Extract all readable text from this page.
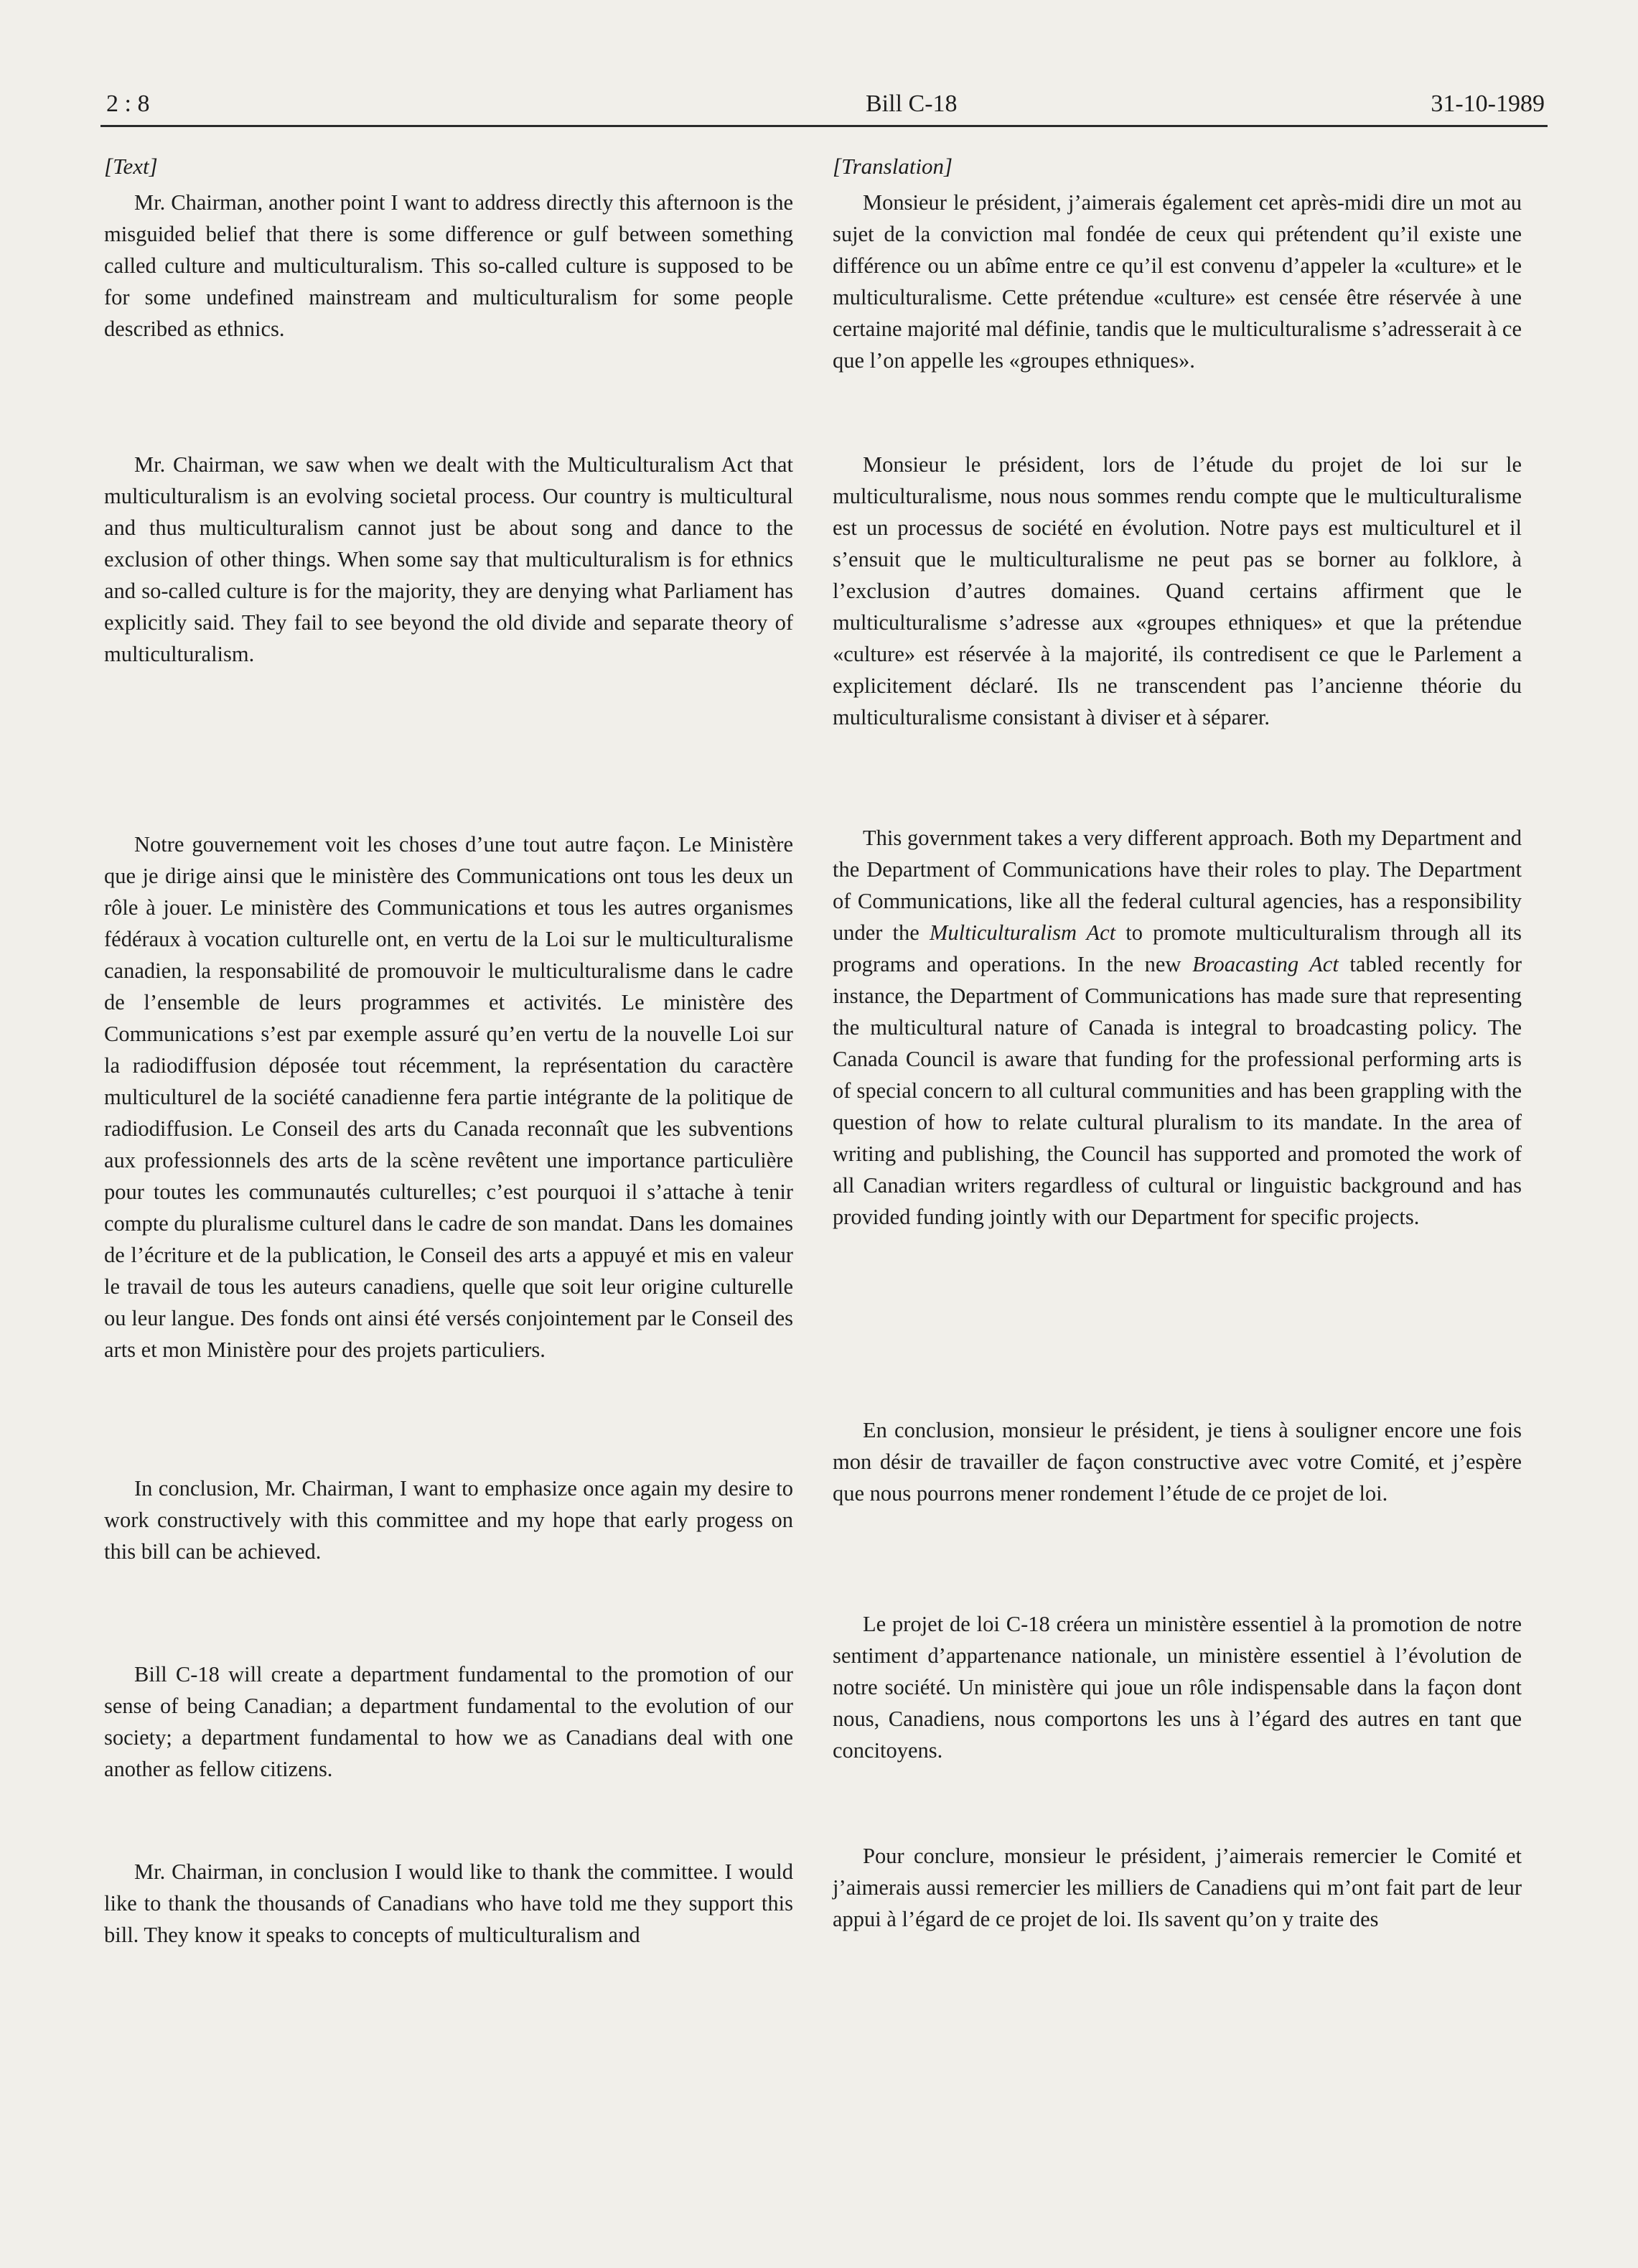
2 : 8	Bill C-18	31-10-1989
[Text]

Mr. Chairman, another point I want to address directly this afternoon is the misguided belief that there is some difference or gulf between something called culture and multiculturalism. This so-called culture is supposed to be for some undefined mainstream and multiculturalism for some people described as ethnics.

Mr. Chairman, we saw when we dealt with the Multiculturalism Act that multiculturalism is an evolving societal process. Our country is multicultural and thus multiculturalism cannot just be about song and dance to the exclusion of other things. When some say that multiculturalism is for ethnics and so-called culture is for the majority, they are denying what Parliament has explicitly said. They fail to see beyond the old divide and separate theory of multiculturalism.

Notre gouvernement voit les choses d’une tout autre façon. Le Ministère que je dirige ainsi que le ministère des Communications ont tous les deux un rôle à jouer. Le ministère des Communications et tous les autres organismes fédéraux à vocation culturelle ont, en vertu de la Loi sur le multiculturalisme canadien, la responsabilité de promouvoir le multiculturalisme dans le cadre de l’ensemble de leurs programmes et activités. Le ministère des Communications s’est par exemple assuré qu’en vertu de la nouvelle Loi sur la radiodiffusion déposée tout récemment, la représentation du caractère multiculturel de la société canadienne fera partie intégrante de la politique de radiodiffusion. Le Conseil des arts du Canada reconnaît que les subventions aux professionnels des arts de la scène revêtent une importance particulière pour toutes les communautés culturelles; c’est pourquoi il s’attache à tenir compte du pluralisme culturel dans le cadre de son mandat. Dans les domaines de l’écriture et de la publication, le Conseil des arts a appuyé et mis en valeur le travail de tous les auteurs canadiens, quelle que soit leur origine culturelle ou leur langue. Des fonds ont ainsi été versés conjointement par le Conseil des arts et mon Ministère pour des projets particuliers.

In conclusion, Mr. Chairman, I want to emphasize once again my desire to work constructively with this committee and my hope that early progess on this bill can be achieved.

Bill C-18 will create a department fundamental to the promotion of our sense of being Canadian; a department fundamental to the evolution of our society; a department fundamental to how we as Canadians deal with one another as fellow citizens.

Mr. Chairman, in conclusion I would like to thank the committee. I would like to thank the thousands of Canadians who have told me they support this bill. They know it speaks to concepts of multiculturalism and

[Translation]

Monsieur le président, j’aimerais également cet après-midi dire un mot au sujet de la conviction mal fondée de ceux qui prétendent qu’il existe une différence ou un abîme entre ce qu’il est convenu d’appeler la «culture» et le multiculturalisme. Cette prétendue «culture» est censée être réservée à une certaine majorité mal définie, tandis que le multiculturalisme s’adresserait à ce que l’on appelle les «groupes ethniques».

Monsieur le président, lors de l’étude du projet de loi sur le multiculturalisme, nous nous sommes rendu compte que le multiculturalisme est un processus de société en évolution. Notre pays est multiculturel et il s’ensuit que le multiculturalisme ne peut pas se borner au folklore, à l’exclusion d’autres domaines. Quand certains affirment que le multiculturalisme s’adresse aux «groupes ethniques» et que la prétendue «culture» est réservée à la majorité, ils contredisent ce que le Parlement a explicitement déclaré. Ils ne transcendent pas l’ancienne théorie du multiculturalisme consistant à diviser et à séparer.

This government takes a very different approach. Both my Department and the Department of Communications have their roles to play. The Department of Communications, like all the federal cultural agencies, has a responsibility under the Multiculturalism Act to promote multiculturalism through all its programs and operations. In the new Broacasting Act tabled recently for instance, the Department of Communications has made sure that representing the multicultural nature of Canada is integral to broadcasting policy. The Canada Council is aware that funding for the professional performing arts is of special concern to all cultural communities and has been grappling with the question of how to relate cultural pluralism to its mandate. In the area of writing and publishing, the Council has supported and promoted the work of all Canadian writers regardless of cultural or linguistic background and has provided funding jointly with our Department for specific projects.

En conclusion, monsieur le président, je tiens à souligner encore une fois mon désir de travailler de façon constructive avec votre Comité, et j’espère que nous pourrons mener rondement l’étude de ce projet de loi.

Le projet de loi C-18 créera un ministère essentiel à la promotion de notre sentiment d’appartenance nationale, un ministère essentiel à l’évolution de notre société. Un ministère qui joue un rôle indispensable dans la façon dont nous, Canadiens, nous comportons les uns à l’égard des autres en tant que concitoyens.

Pour conclure, monsieur le président, j’aimerais remercier le Comité et j’aimerais aussi remercier les milliers de Canadiens qui m’ont fait part de leur appui à l’égard de ce projet de loi. Ils savent qu’on y traite des
